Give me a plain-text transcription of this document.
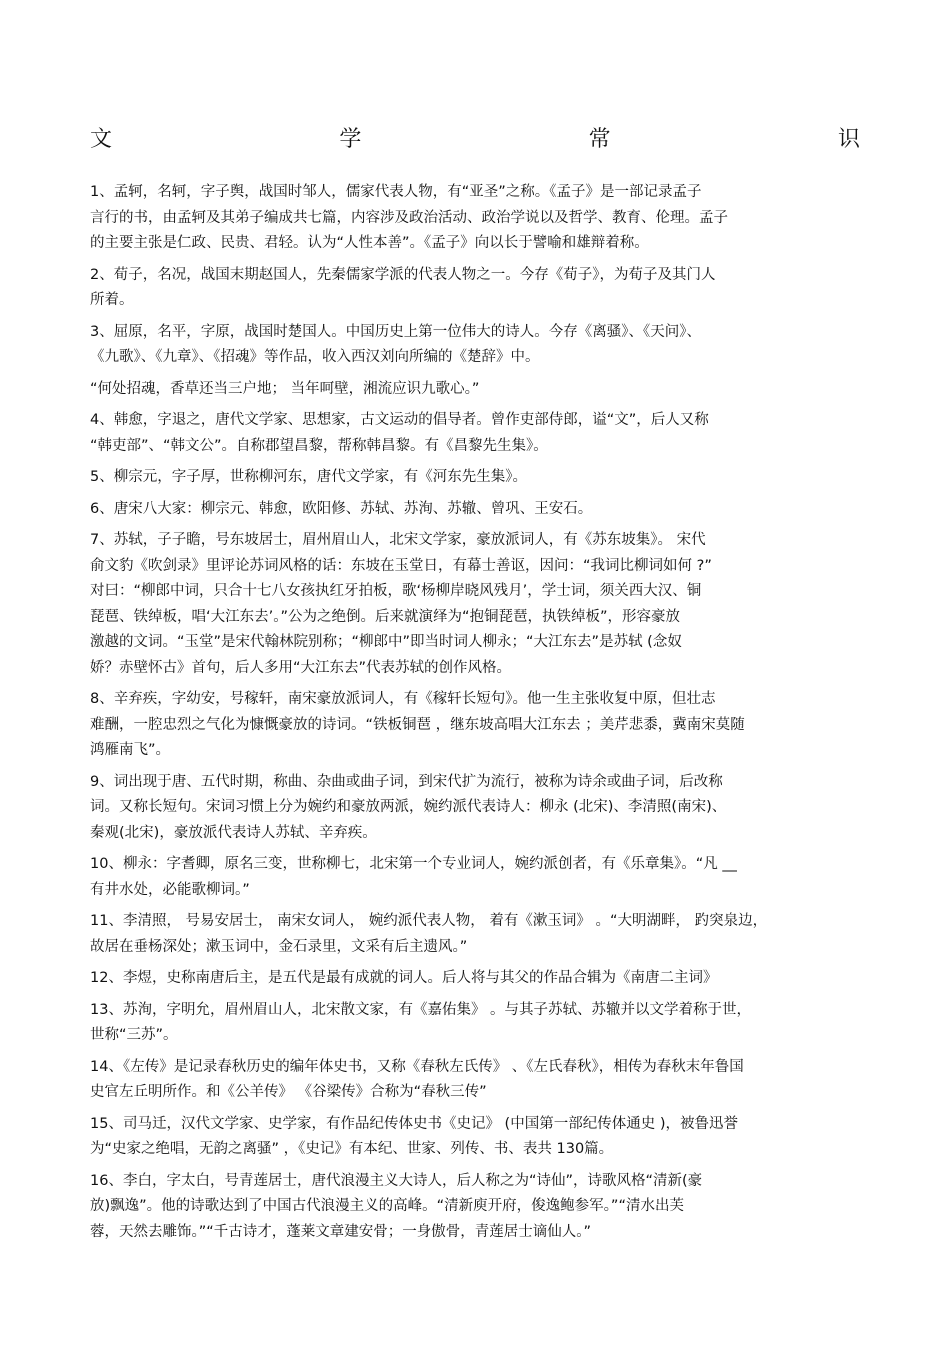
文	学	常	识
1、孟轲，名轲，字子舆，战国时邹人，儒家代表人物，有“亚圣”之称。《孟子》是一部记录孟子
言行的书，由孟轲及其弟子编成共七篇，内容涉及政治活动、政治学说以及哲学、教育、伦理。孟子
的主要主张是仁政、民贵、君轻。认为“人性本善”。《孟子》向以长于譬喻和雄辩着称。
2、荀子，名况，战国末期赵国人，先秦儒家学派的代表人物之一。今存《荀子》，为荀子及其门人
所着。
3、屈原，名平，字原，战国时楚国人。中国历史上第一位伟大的诗人。今存《离骚》、《天问》、
《九歌》、《九章》、《招魂》等作品，收入西汉刘向所编的《楚辞》中。
“何处招魂，香草还当三户地； 当年呵壁，湘流应识九歌心。”
4、韩愈，字退之，唐代文学家、思想家，古文运动的倡导者。曾作吏部侍郎，谥“文”，后人又称
“韩吏部”、“韩文公”。自称郡望昌黎，帮称韩昌黎。有《昌黎先生集》。
5、柳宗元，字子厚，世称柳河东，唐代文学家，有《河东先生集》。
6、唐宋八大家：柳宗元、韩愈，欧阳修、苏轼、苏洵、苏辙、曾巩、王安石。
7、苏轼，子子瞻，号东坡居士，眉州眉山人，北宋文学家，豪放派词人，有《苏东坡集》。 宋代
俞文豹《吹剑录》里评论苏词风格的话：东坡在玉堂日，有幕士善讴，因问：“我词比柳词如何 ?”
对曰：“柳郎中词，只合十七八女孩执红牙拍板，歌‘杨柳岸晓风残月’，学士词，须关西大汉、铜
琵琶、铁绰板，唱‘大江东去’。”公为之绝倒。后来就演绎为“抱铜琵琶，执铁绰板”，形容豪放
激越的文词。“玉堂”是宋代翰林院别称；“柳郎中”即当时词人柳永；“大江东去”是苏轼 (念奴
娇？赤壁怀古》首句，后人多用“大江东去”代表苏轼的创作风格。
8、辛弃疾，字幼安，号稼轩，南宋豪放派词人，有《稼轩长短句》。他一生主张收复中原，但壮志
难酬，一腔忠烈之气化为慷慨豪放的诗词。“铁板铜琶 ，继东坡高唱大江东去 ；美芹悲黍，冀南宋莫随
鸿雁南飞”。
9、词出现于唐、五代时期，称曲、杂曲或曲子词，到宋代扩为流行，被称为诗余或曲子词，后改称
词。又称长短句。宋词习惯上分为婉约和豪放两派，婉约派代表诗人：柳永 (北宋)、李清照(南宋)、
秦观(北宋)，豪放派代表诗人苏轼、辛弃疾。
10、柳永：字耆卿，原名三变，世称柳七，北宋第一个专业词人，婉约派创者，有《乐章集》。“凡 __
有井水处，必能歌柳词。”
11、李清照， 号易安居士， 南宋女词人， 婉约派代表人物， 着有《漱玉词》 。“大明湖畔， 趵突泉边，
故居在垂杨深处；漱玉词中，金石录里，文采有后主遗风。”
12、李煜，史称南唐后主，是五代是最有成就的词人。后人将与其父的作品合辑为《南唐二主词》
13、苏洵，字明允，眉州眉山人，北宋散文家，有《嘉佑集》 。与其子苏轼、苏辙并以文学着称于世，
世称“三苏”。
14、《左传》是记录春秋历史的编年体史书，又称《春秋左氏传》 、《左氏春秋》，相传为春秋末年鲁国
史官左丘明所作。和《公羊传》 《谷梁传》合称为“春秋三传”
15、司马迁，汉代文学家、史学家，有作品纪传体史书《史记》 (中国第一部纪传体通史 )，被鲁迅誉
为“史家之绝唱，无韵之离骚” ，《史记》有本纪、世家、列传、书、表共 130篇。
16、李白，字太白，号青莲居士，唐代浪漫主义大诗人，后人称之为“诗仙”，诗歌风格“清新(豪
放)飘逸”。他的诗歌达到了中国古代浪漫主义的高峰。“清新庾开府，俊逸鲍参军。”“清水出芙
蓉，天然去雕饰。”“千古诗才，蓬莱文章建安骨；一身傲骨，青莲居士谪仙人。”
